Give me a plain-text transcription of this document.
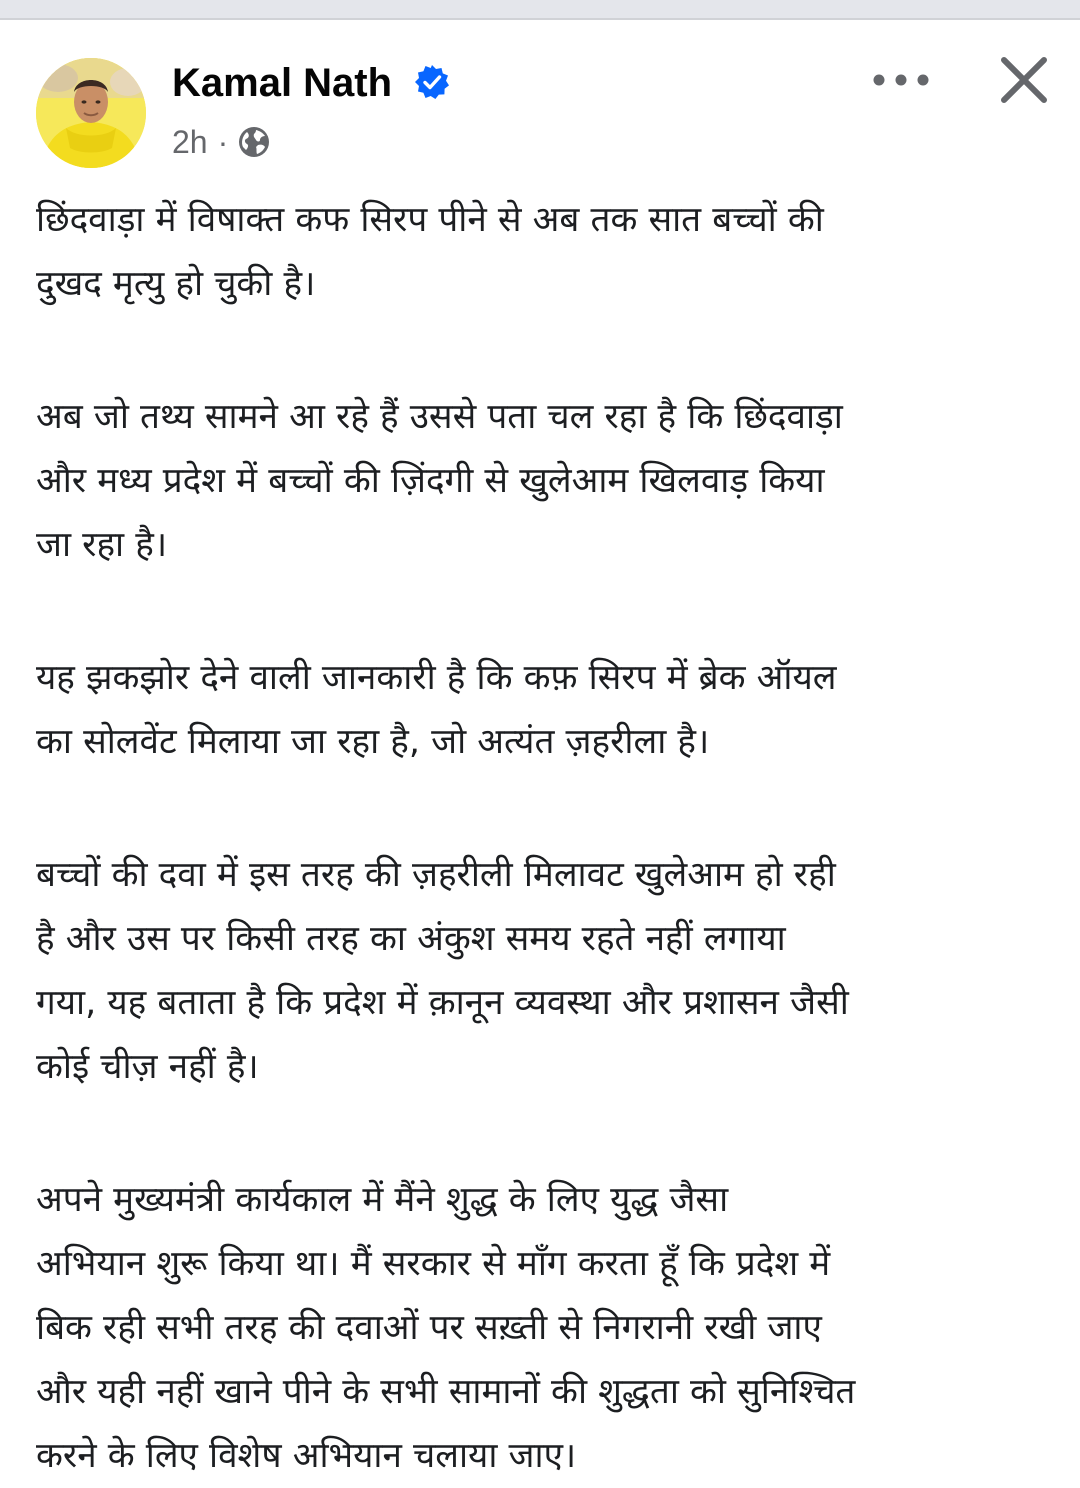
Kamal Nath
2h ·

छिंदवाड़ा में विषाक्त कफ सिरप पीने से अब तक सात बच्चों की
दुखद मृत्यु हो चुकी है।

अब जो तथ्य सामने आ रहे हैं उससे पता चल रहा है कि छिंदवाड़ा
और मध्य प्रदेश में बच्चों की ज़िंदगी से खुलेआम खिलवाड़ किया
जा रहा है।

यह झकझोर देने वाली जानकारी है कि कफ़ सिरप में ब्रेक ऑयल
का सोलवेंट मिलाया जा रहा है, जो अत्यंत ज़हरीला है।

बच्चों की दवा में इस तरह की ज़हरीली मिलावट खुलेआम हो रही
है और उस पर किसी तरह का अंकुश समय रहते नहीं लगाया
गया, यह बताता है कि प्रदेश में क़ानून व्यवस्था और प्रशासन जैसी
कोई चीज़ नहीं है।

अपने मुख्यमंत्री कार्यकाल में मैंने शुद्ध के लिए युद्ध जैसा
अभियान शुरू किया था। मैं सरकार से माँग करता हूँ कि प्रदेश में
बिक रही सभी तरह की दवाओं पर सख़्ती से निगरानी रखी जाए
और यही नहीं खाने पीने के सभी सामानों की शुद्धता को सुनिश्चित
करने के लिए विशेष अभियान चलाया जाए।
